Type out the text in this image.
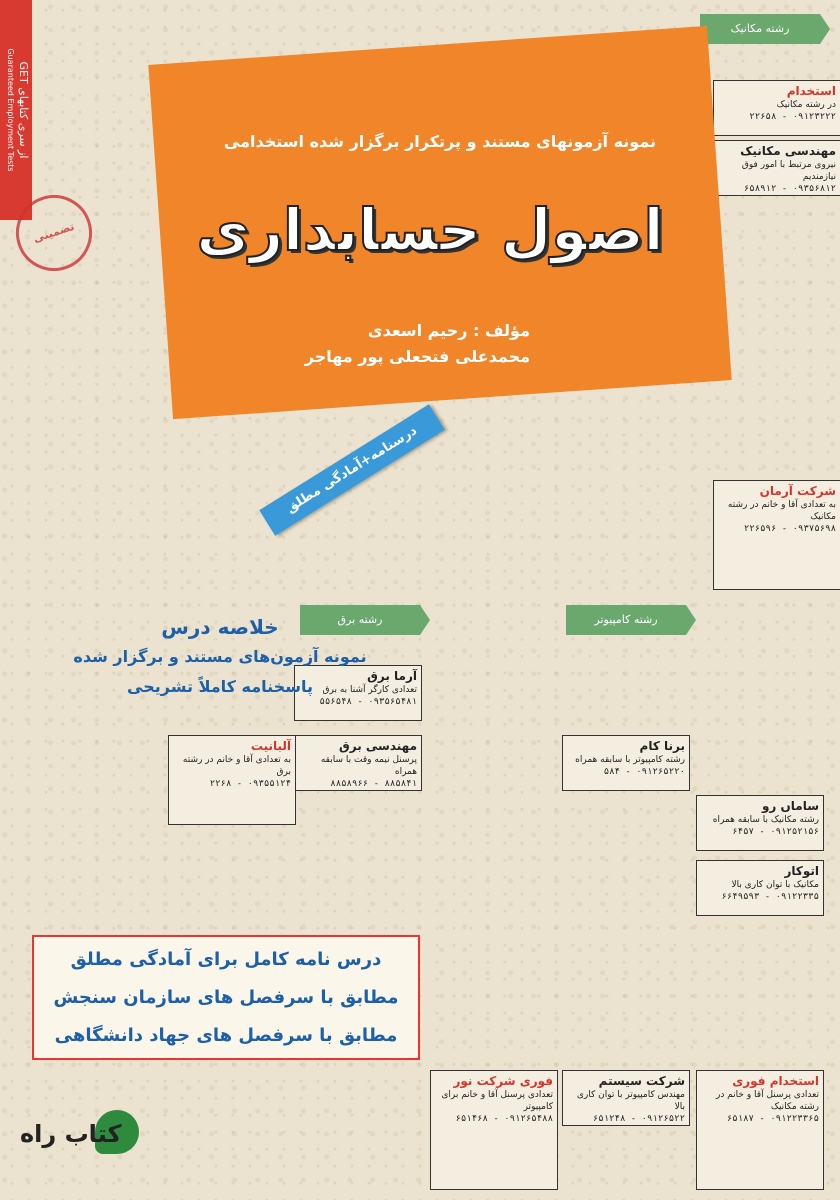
استخدام
در رشته مکانیک
۰۹۱۲۳۲۲۲ - ۲۲۶۵۸
مهندسی مکانیک
نیروی مرتبط با امور فوق نیازمندیم
۰۹۳۵۶۸۱۲ - ۶۵۸۹۱۲
شرکت آرمان
به تعدادی آقا و خانم در رشته مکانیک
۰۹۳۷۵۶۹۸ - ۲۲۶۵۹۶
آرما برق
تعدادی کارگر آشنا به برق
۰۹۳۵۶۵۴۸۱ - ۵۵۶۵۴۸
مهندسی برق
پرسنل نیمه وقت با سابقه همراه
۸۸۵۸۴۱ - ۸۸۵۸۹۶۶
آلبانیت
به تعدادی آقا و خانم در رشته برق
۰۹۳۵۵۱۲۴ - ۲۲۶۸
برنا کام
رشته کامپیوتر با سابقه همراه
۰۹۱۲۶۵۲۲۰ - ۵۸۴
ساماں رو
رشته مکانیک با سابقه همراه
۰۹۱۲۵۲۱۵۶ - ۶۴۵۷
اتوکار
مکانیک با توان کاری بالا
۰۹۱۲۲۳۳۵ - ۶۶۴۹۵۹۳
فوری شرکت نور
تعدادی پرسنل آقا و خانم برای کامپیوتر
۰۹۱۲۶۵۴۸۸ - ۶۵۱۴۶۸
شرکت سیستم
مهندس کامپیوتر با توان کاری بالا
۰۹۱۲۶۵۲۲ - ۶۵۱۲۴۸
استخدام فوری
تعدادی پرسنل آقا و خانم در رشته مکانیک
۰۹۱۲۲۳۳۶۵ - ۶۵۱۸۷
رشته مکانیک
رشته برق	رشته کامپیوتر
نمونه آزمونهای مستند و پرتکرار برگزار شده استخدامی
اصول حسابداری
مؤلف : رحیم اسعدی
محمدعلی فتحعلی پور مهاجر
درسنامه+آمادگی مطلق
خلاصه درس
نمونه آزمون‌های مستند و برگزار شده
پاسخنامه کاملاً تشریحی
درس نامه کامل برای آمادگی مطلق
مطابق با سرفصل های سازمان سنجش
مطابق با سرفصل های جهاد دانشگاهی
از سری کتابهای GET
Guaranteed Employment Tests
تضمینی
کتاب راه
